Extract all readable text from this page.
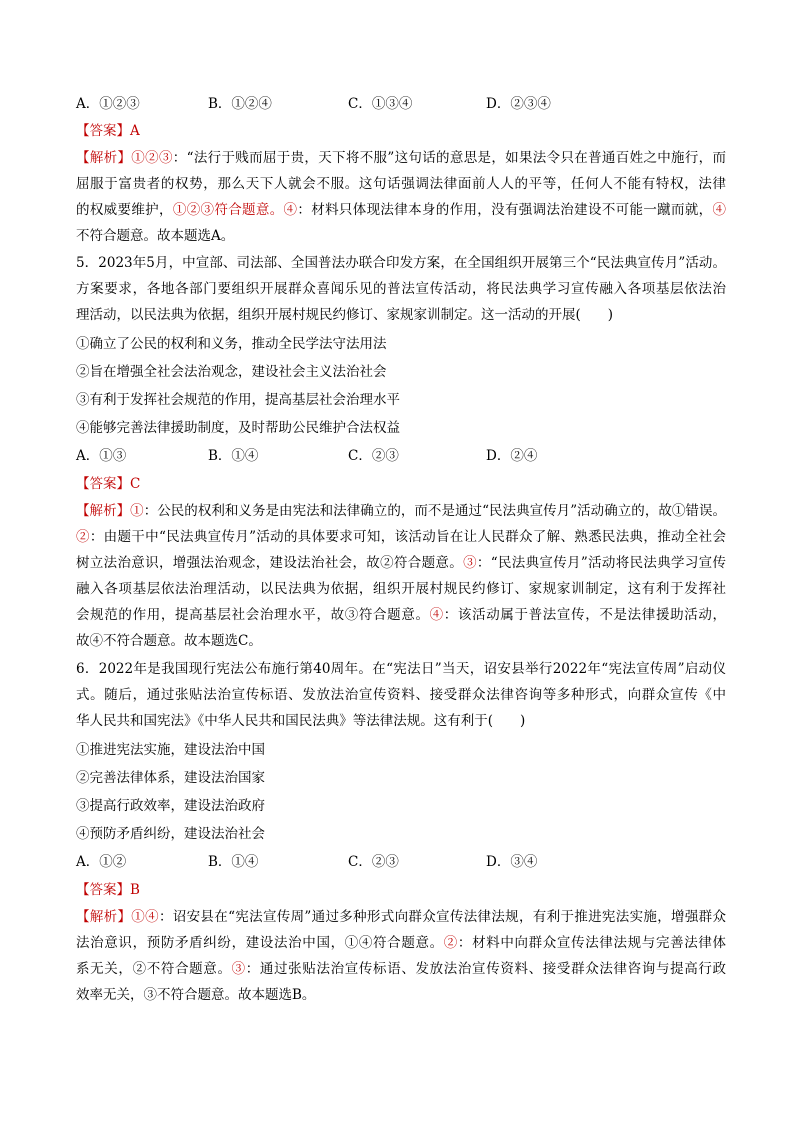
A．①②③	B．①②④	C．①③④	D．②③④
【答案】A
【解析】①②③：“法行于贱而屈于贵，天下将不服”这句话的意思是，如果法令只在普通百姓之中施行，而
屈服于富贵者的权势，那么天下人就会不服。这句话强调法律面前人人的平等，任何人不能有特权，法律
的权威要维护，①②③符合题意。④：材料只体现法律本身的作用，没有强调法治建设不可能一蹴而就，④
不符合题意。故本题选A。
5．2023年5月，中宣部、司法部、全国普法办联合印发方案，在全国组织开展第三个“民法典宣传月”活动。
方案要求，各地各部门要组织开展群众喜闻乐见的普法宣传活动，将民法典学习宣传融入各项基层依法治
理活动，以民法典为依据，组织开展村规民约修订、家规家训制定。这一活动的开展(　　)
①确立了公民的权利和义务，推动全民学法守法用法
②旨在增强全社会法治观念，建设社会主义法治社会
③有利于发挥社会规范的作用，提高基层社会治理水平
④能够完善法律援助制度，及时帮助公民维护合法权益
A．①③	B．①④	C．②③	D．②④
【答案】C
【解析】①：公民的权利和义务是由宪法和法律确立的，而不是通过“民法典宣传月”活动确立的，故①错误。
②：由题干中“民法典宣传月”活动的具体要求可知，该活动旨在让人民群众了解、熟悉民法典，推动全社会
树立法治意识，增强法治观念，建设法治社会，故②符合题意。③：“民法典宣传月”活动将民法典学习宣传
融入各项基层依法治理活动，以民法典为依据，组织开展村规民约修订、家规家训制定，这有利于发挥社
会规范的作用，提高基层社会治理水平，故③符合题意。④：该活动属于普法宣传，不是法律援助活动，
故④不符合题意。故本题选C。
6．2022年是我国现行宪法公布施行第40周年。在“宪法日”当天，诏安县举行2022年“宪法宣传周”启动仪
式。随后，通过张贴法治宣传标语、发放法治宣传资料、接受群众法律咨询等多种形式，向群众宣传《中
华人民共和国宪法》《中华人民共和国民法典》等法律法规。这有利于(　　)
①推进宪法实施，建设法治中国
②完善法律体系，建设法治国家
③提高行政效率，建设法治政府
④预防矛盾纠纷，建设法治社会
A．①②	B．①④	C．②③	D．③④
【答案】B
【解析】①④：诏安县在“宪法宣传周”通过多种形式向群众宣传法律法规，有利于推进宪法实施，增强群众
法治意识，预防矛盾纠纷，建设法治中国，①④符合题意。②：材料中向群众宣传法律法规与完善法律体
系无关，②不符合题意。③：通过张贴法治宣传标语、发放法治宣传资料、接受群众法律咨询与提高行政
效率无关，③不符合题意。故本题选B。
